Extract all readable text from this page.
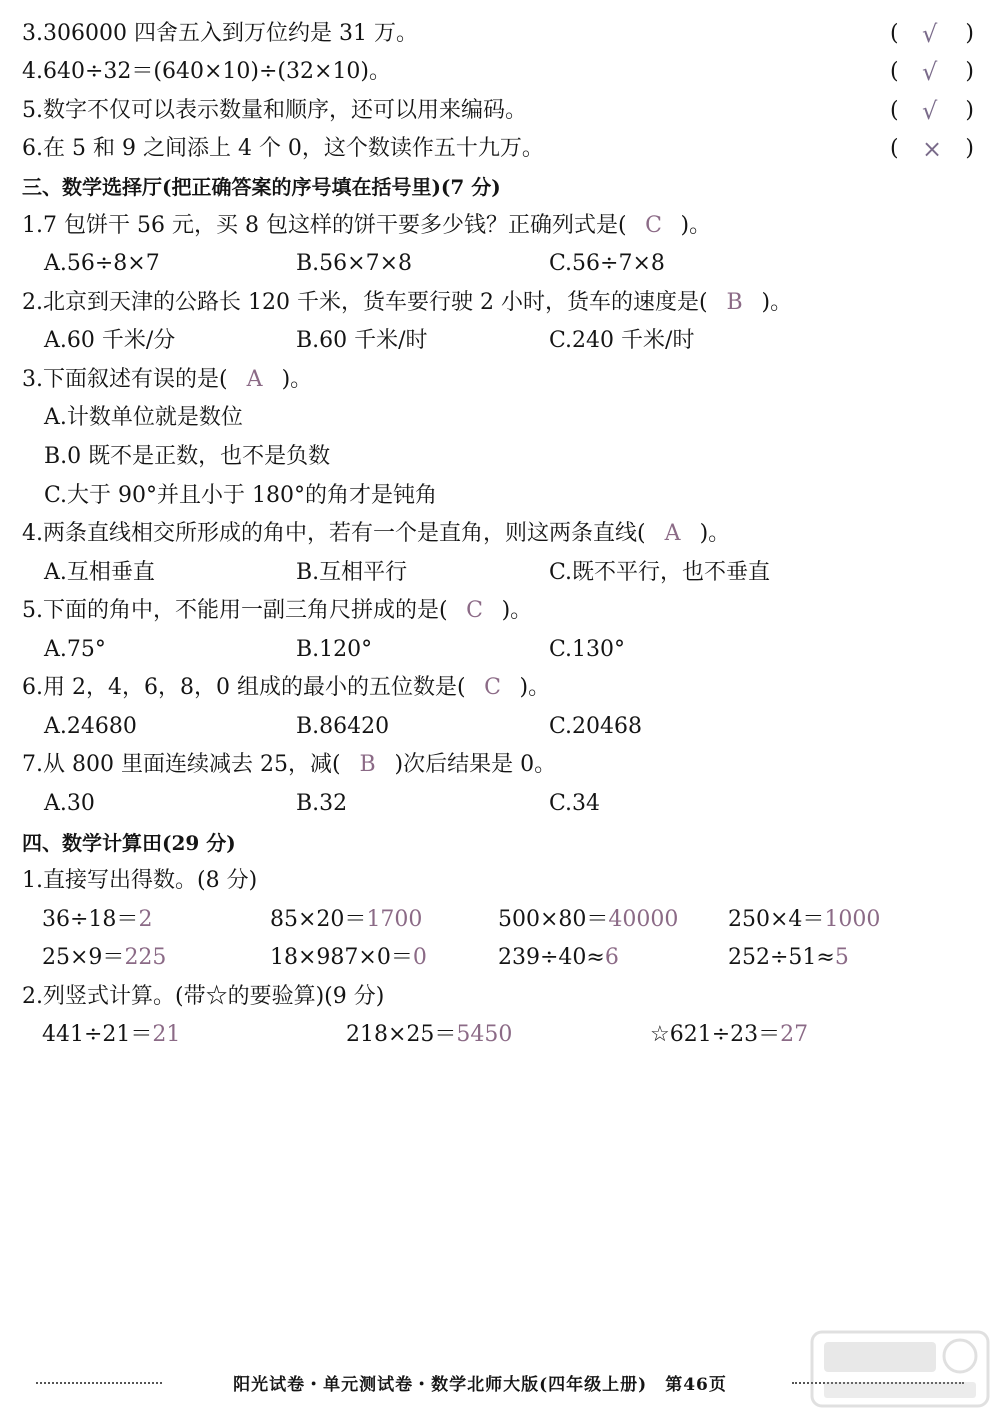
3.306000 四舍五入到万位约是 31 万。	( √ )
4.640÷32＝(640×10)÷(32×10)。	( √ )
5.数字不仅可以表示数量和顺序，还可以用来编码。	( √ )
6.在 5 和 9 之间添上 4 个 0，这个数读作五十九万。	( × )
三、数学选择厅(把正确答案的序号填在括号里)(7 分)
1.7 包饼干 56 元，买 8 包这样的饼干要多少钱？正确列式是( C )。
A.56÷8×7	B.56×7×8	C.56÷7×8
2.北京到天津的公路长 120 千米，货车要行驶 2 小时，货车的速度是( B )。
A.60 千米/分	B.60 千米/时	C.240 千米/时
3.下面叙述有误的是( A )。
A.计数单位就是数位
B.0 既不是正数，也不是负数
C.大于 90°并且小于 180°的角才是钝角
4.两条直线相交所形成的角中，若有一个是直角，则这两条直线( A )。
A.互相垂直	B.互相平行	C.既不平行，也不垂直
5.下面的角中，不能用一副三角尺拼成的是( C )。
A.75°	B.120°	C.130°
6.用 2，4，6，8，0 组成的最小的五位数是( C )。
A.24680	B.86420	C.20468
7.从 800 里面连续减去 25，减( B )次后结果是 0。
A.30	B.32	C.34
四、数学计算田(29 分)
1.直接写出得数。(8 分)
36÷18＝2	85×20＝1700	500×80＝40000 250×4＝1000
25×9＝225	18×987×0＝0	239÷40≈6	252÷51≈5
2.列竖式计算。(带☆的要验算)(9 分)
441÷21＝21	218×25＝5450	☆621÷23＝27
阳光试卷・单元测试卷・数学北师大版(四年级上册)　第46页
